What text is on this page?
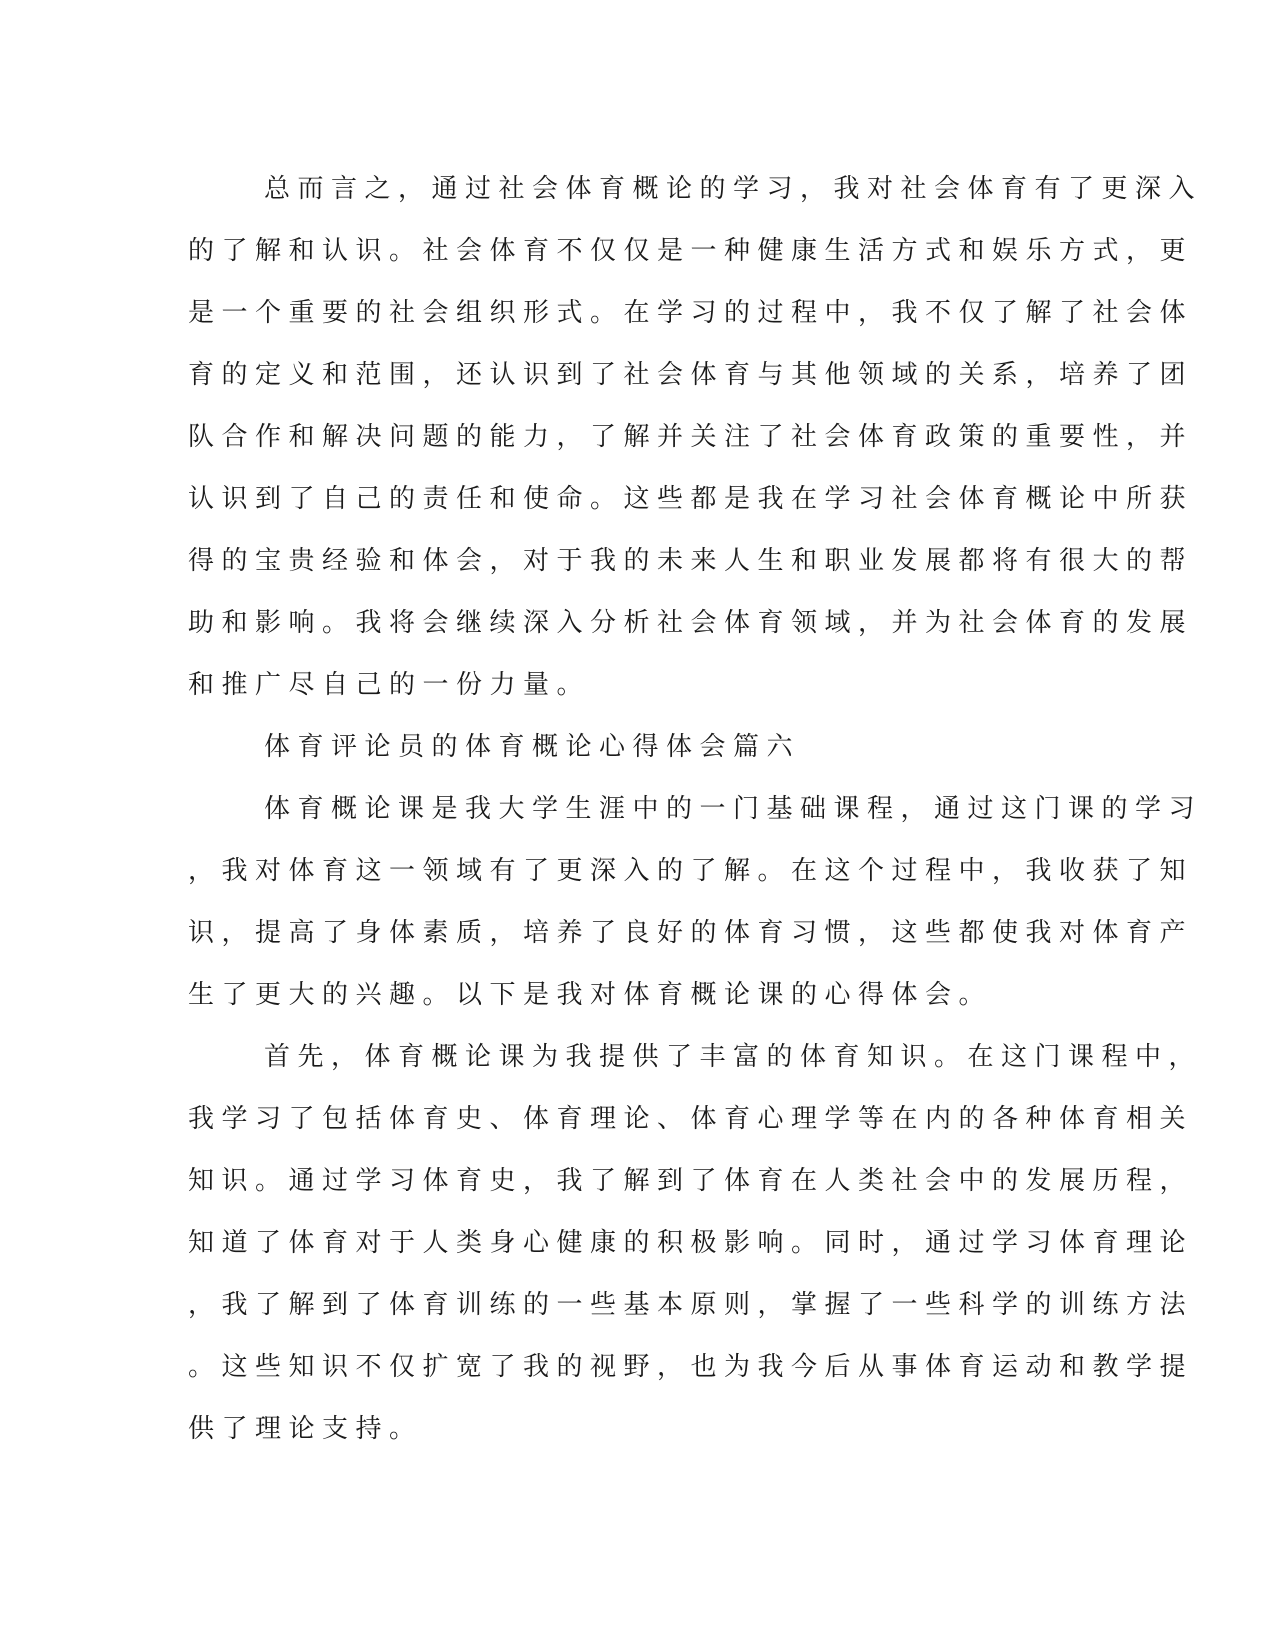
总而言之，通过社会体育概论的学习，我对社会体育有了更深入
的了解和认识。社会体育不仅仅是一种健康生活方式和娱乐方式，更
是一个重要的社会组织形式。在学习的过程中，我不仅了解了社会体
育的定义和范围，还认识到了社会体育与其他领域的关系，培养了团
队合作和解决问题的能力，了解并关注了社会体育政策的重要性，并
认识到了自己的责任和使命。这些都是我在学习社会体育概论中所获
得的宝贵经验和体会，对于我的未来人生和职业发展都将有很大的帮
助和影响。我将会继续深入分析社会体育领域，并为社会体育的发展
和推广尽自己的一份力量。
体育评论员的体育概论心得体会篇六
体育概论课是我大学生涯中的一门基础课程，通过这门课的学习
，我对体育这一领域有了更深入的了解。在这个过程中，我收获了知
识，提高了身体素质，培养了良好的体育习惯，这些都使我对体育产
生了更大的兴趣。以下是我对体育概论课的心得体会。
首先，体育概论课为我提供了丰富的体育知识。在这门课程中，
我学习了包括体育史、体育理论、体育心理学等在内的各种体育相关
知识。通过学习体育史，我了解到了体育在人类社会中的发展历程，
知道了体育对于人类身心健康的积极影响。同时，通过学习体育理论
，我了解到了体育训练的一些基本原则，掌握了一些科学的训练方法
。这些知识不仅扩宽了我的视野，也为我今后从事体育运动和教学提
供了理论支持。
